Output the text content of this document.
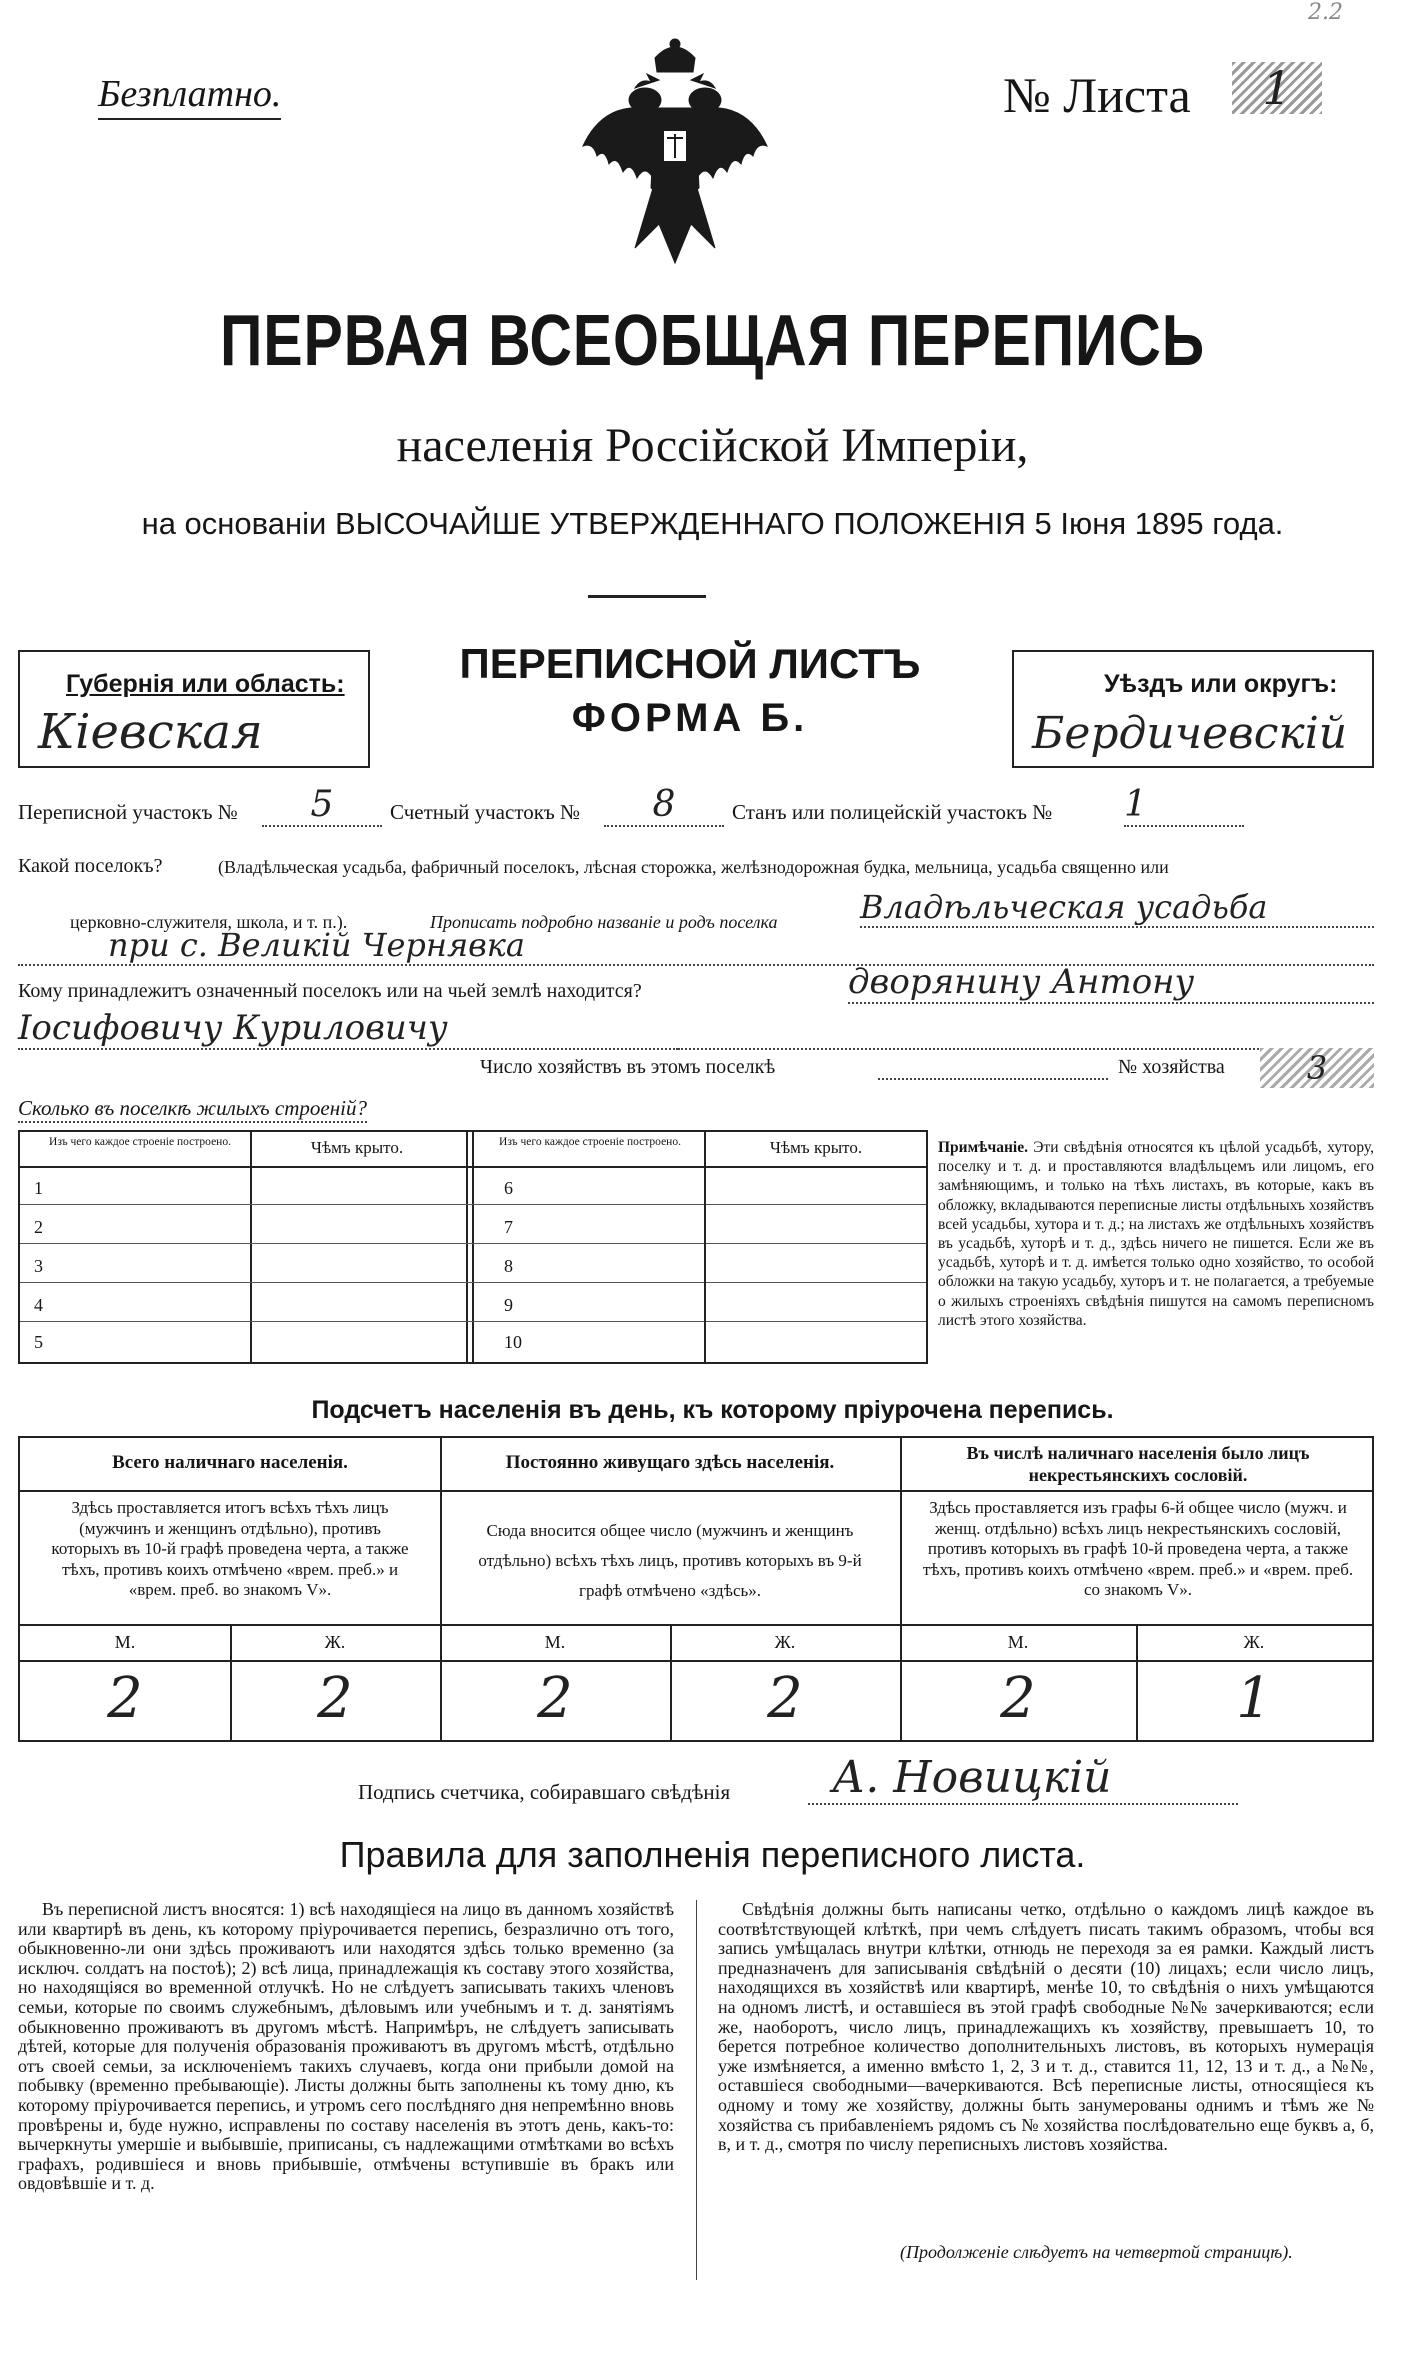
2.2
Безплатно.	№ Листа	1
ПЕРВАЯ ВСЕОБЩАЯ ПЕРЕПИСЬ
населенія Россійской Имперіи,
на основаніи ВЫСОЧАЙШЕ УТВЕРЖДЕННАГО ПОЛОЖЕНІЯ 5 Іюня 1895 года.
Губернія или область:
Кіевская
ПЕРЕПИСНОЙ ЛИСТЪ
ФОРМА Б.
Уѣздъ или округъ:
Бердичевскій
Переписной участокъ №	5	Счетный участокъ №	8	Станъ или полицейскій участокъ № 1
Какой поселокъ?	(Владѣльческая усадьба, фабричный поселокъ, лѣсная сторожка, желѣзнодорожная будка, мельница, усадьба священно или
церковно-служителя, школа, и т. п.).	Прописать подробно названіе и родъ поселка	Владѣльческая усадьба
при с. Великій Чернявка
Кому принадлежитъ означенный поселокъ или на чьей землѣ находится?	дворянину Антону
Іосифовичу Куриловичу
Число хозяйствъ въ этомъ поселкѣ	№ хозяйства	3
Сколько въ поселкѣ жилыхъ строеній?
Изъ чего каждое строеніе построено.	Чѣмъ крыто.
1
2
3
4
5
Изъ чего каждое строеніе построено.	Чѣмъ крыто.
6
7
8
9
10
Примѣчаніе. Эти свѣдѣнія относятся къ цѣлой усадьбѣ, хутору, поселку и т. д. и проставляются владѣльцемъ или лицомъ, его замѣняющимъ, и только на тѣхъ листахъ, въ которые, какъ въ обложку, вкладываются переписные листы отдѣльныхъ хозяйствъ всей усадьбы, хутора и т. д.; на листахъ же отдѣльныхъ хозяйствъ въ усадьбѣ, хуторѣ и т. д., здѣсь ничего не пишется. Если же въ усадьбѣ, хуторѣ и т. д. имѣется только одно хозяйство, то особой обложки на такую усадьбу, хуторъ и т. не полагается, а требуемые о жилыхъ строеніяхъ свѣдѣнія пишутся на самомъ переписномъ листѣ этого хозяйства.
Подсчетъ населенія въ день, къ которому пріурочена перепись.
Всего наличнаго населенія.	Постоянно живущаго здѣсь населенія.	Въ числѣ наличнаго населенія было лицъ некрестьянскихъ сословій.
Здѣсь проставляется итогъ всѣхъ тѣхъ лицъ (мужчинъ и женщинъ отдѣльно), противъ которыхъ въ 10-й графѣ проведена черта, а также тѣхъ, противъ коихъ отмѣчено «врем. преб.» и «врем. преб. во знакомъ V».
Сюда вносится общее число (мужчинъ и женщинъ отдѣльно) всѣхъ тѣхъ лицъ, противъ которыхъ въ 9-й графѣ отмѣчено «здѣсь».
Здѣсь проставляется изъ графы 6-й общее число (мужч. и женщ. отдѣльно) всѣхъ лицъ некрестьянскихъ сословій, противъ которыхъ въ графѣ 10-й проведена черта, а также тѣхъ, противъ коихъ отмѣчено «врем. преб.» и «врем. преб. со знакомъ V».
М.	Ж.	М.	Ж.	М.	Ж.
2	2	2	2	2	1
Подпись счетчика, собиравшаго свѣдѣнія	А. Новицкій
Правила для заполненія переписного листа.
Въ переписной листъ вносятся: 1) всѣ находящіеся на лицо въ данномъ хозяйствѣ или квартирѣ въ день, къ которому пріурочивается перепись, безразлично отъ того, обыкновенно-ли они здѣсь проживаютъ или находятся здѣсь только временно (за исключ. солдатъ на постоѣ); 2) всѣ лица, принадлежащія къ составу этого хозяйства, но находящіяся во временной отлучкѣ. Но не слѣдуетъ записывать такихъ членовъ семьи, которые по своимъ служебнымъ, дѣловымъ или учебнымъ и т. д. занятіямъ обыкновенно проживаютъ въ другомъ мѣстѣ. Напримѣръ, не слѣдуетъ записывать дѣтей, которые для полученія образованія проживаютъ въ другомъ мѣстѣ, отдѣльно отъ своей семьи, за исключеніемъ такихъ случаевъ, когда они прибыли домой на побывку (временно пребывающіе). Листы должны быть заполнены къ тому дню, къ которому пріурочивается перепись, и утромъ сего послѣдняго дня непремѣнно вновь провѣрены и, буде нужно, исправлены по составу населенія въ этотъ день, какъ-то: вычеркнуты умершіе и выбывшіе, приписаны, съ надлежащими отмѣтками во всѣхъ графахъ, родившіеся и вновь прибывшіе, отмѣчены вступившіе въ бракъ или овдовѣвшіе и т. д.
Свѣдѣнія должны быть написаны четко, отдѣльно о каждомъ лицѣ каждое въ соотвѣтствующей клѣткѣ, при чемъ слѣдуетъ писать такимъ образомъ, чтобы вся запись умѣщалась внутри клѣтки, отнюдь не переходя за ея рамки. Каждый листъ предназначенъ для записыванія свѣдѣній о десяти (10) лицахъ; если число лицъ, находящихся въ хозяйствѣ или квартирѣ, менѣе 10, то свѣдѣнія о нихъ умѣщаются на одномъ листѣ, и оставшіеся въ этой графѣ свободные №№ зачеркиваются; если же, наоборотъ, число лицъ, принадлежащихъ къ хозяйству, превышаетъ 10, то берется потребное количество дополнительныхъ листовъ, въ которыхъ нумерація уже измѣняется, а именно вмѣсто 1, 2, 3 и т. д., ставится 11, 12, 13 и т. д., а №№, оставшіеся свободными—вачеркиваются. Всѣ переписные листы, относящіеся къ одному и тому же хозяйству, должны быть занумерованы однимъ и тѣмъ же № хозяйства съ прибавленіемъ рядомъ съ № хозяйства послѣдовательно еще буквъ а, б, в, и т. д., смотря по числу переписныхъ листовъ хозяйства.
(Продолженіе слѣдуетъ на четвертой страницѣ).
